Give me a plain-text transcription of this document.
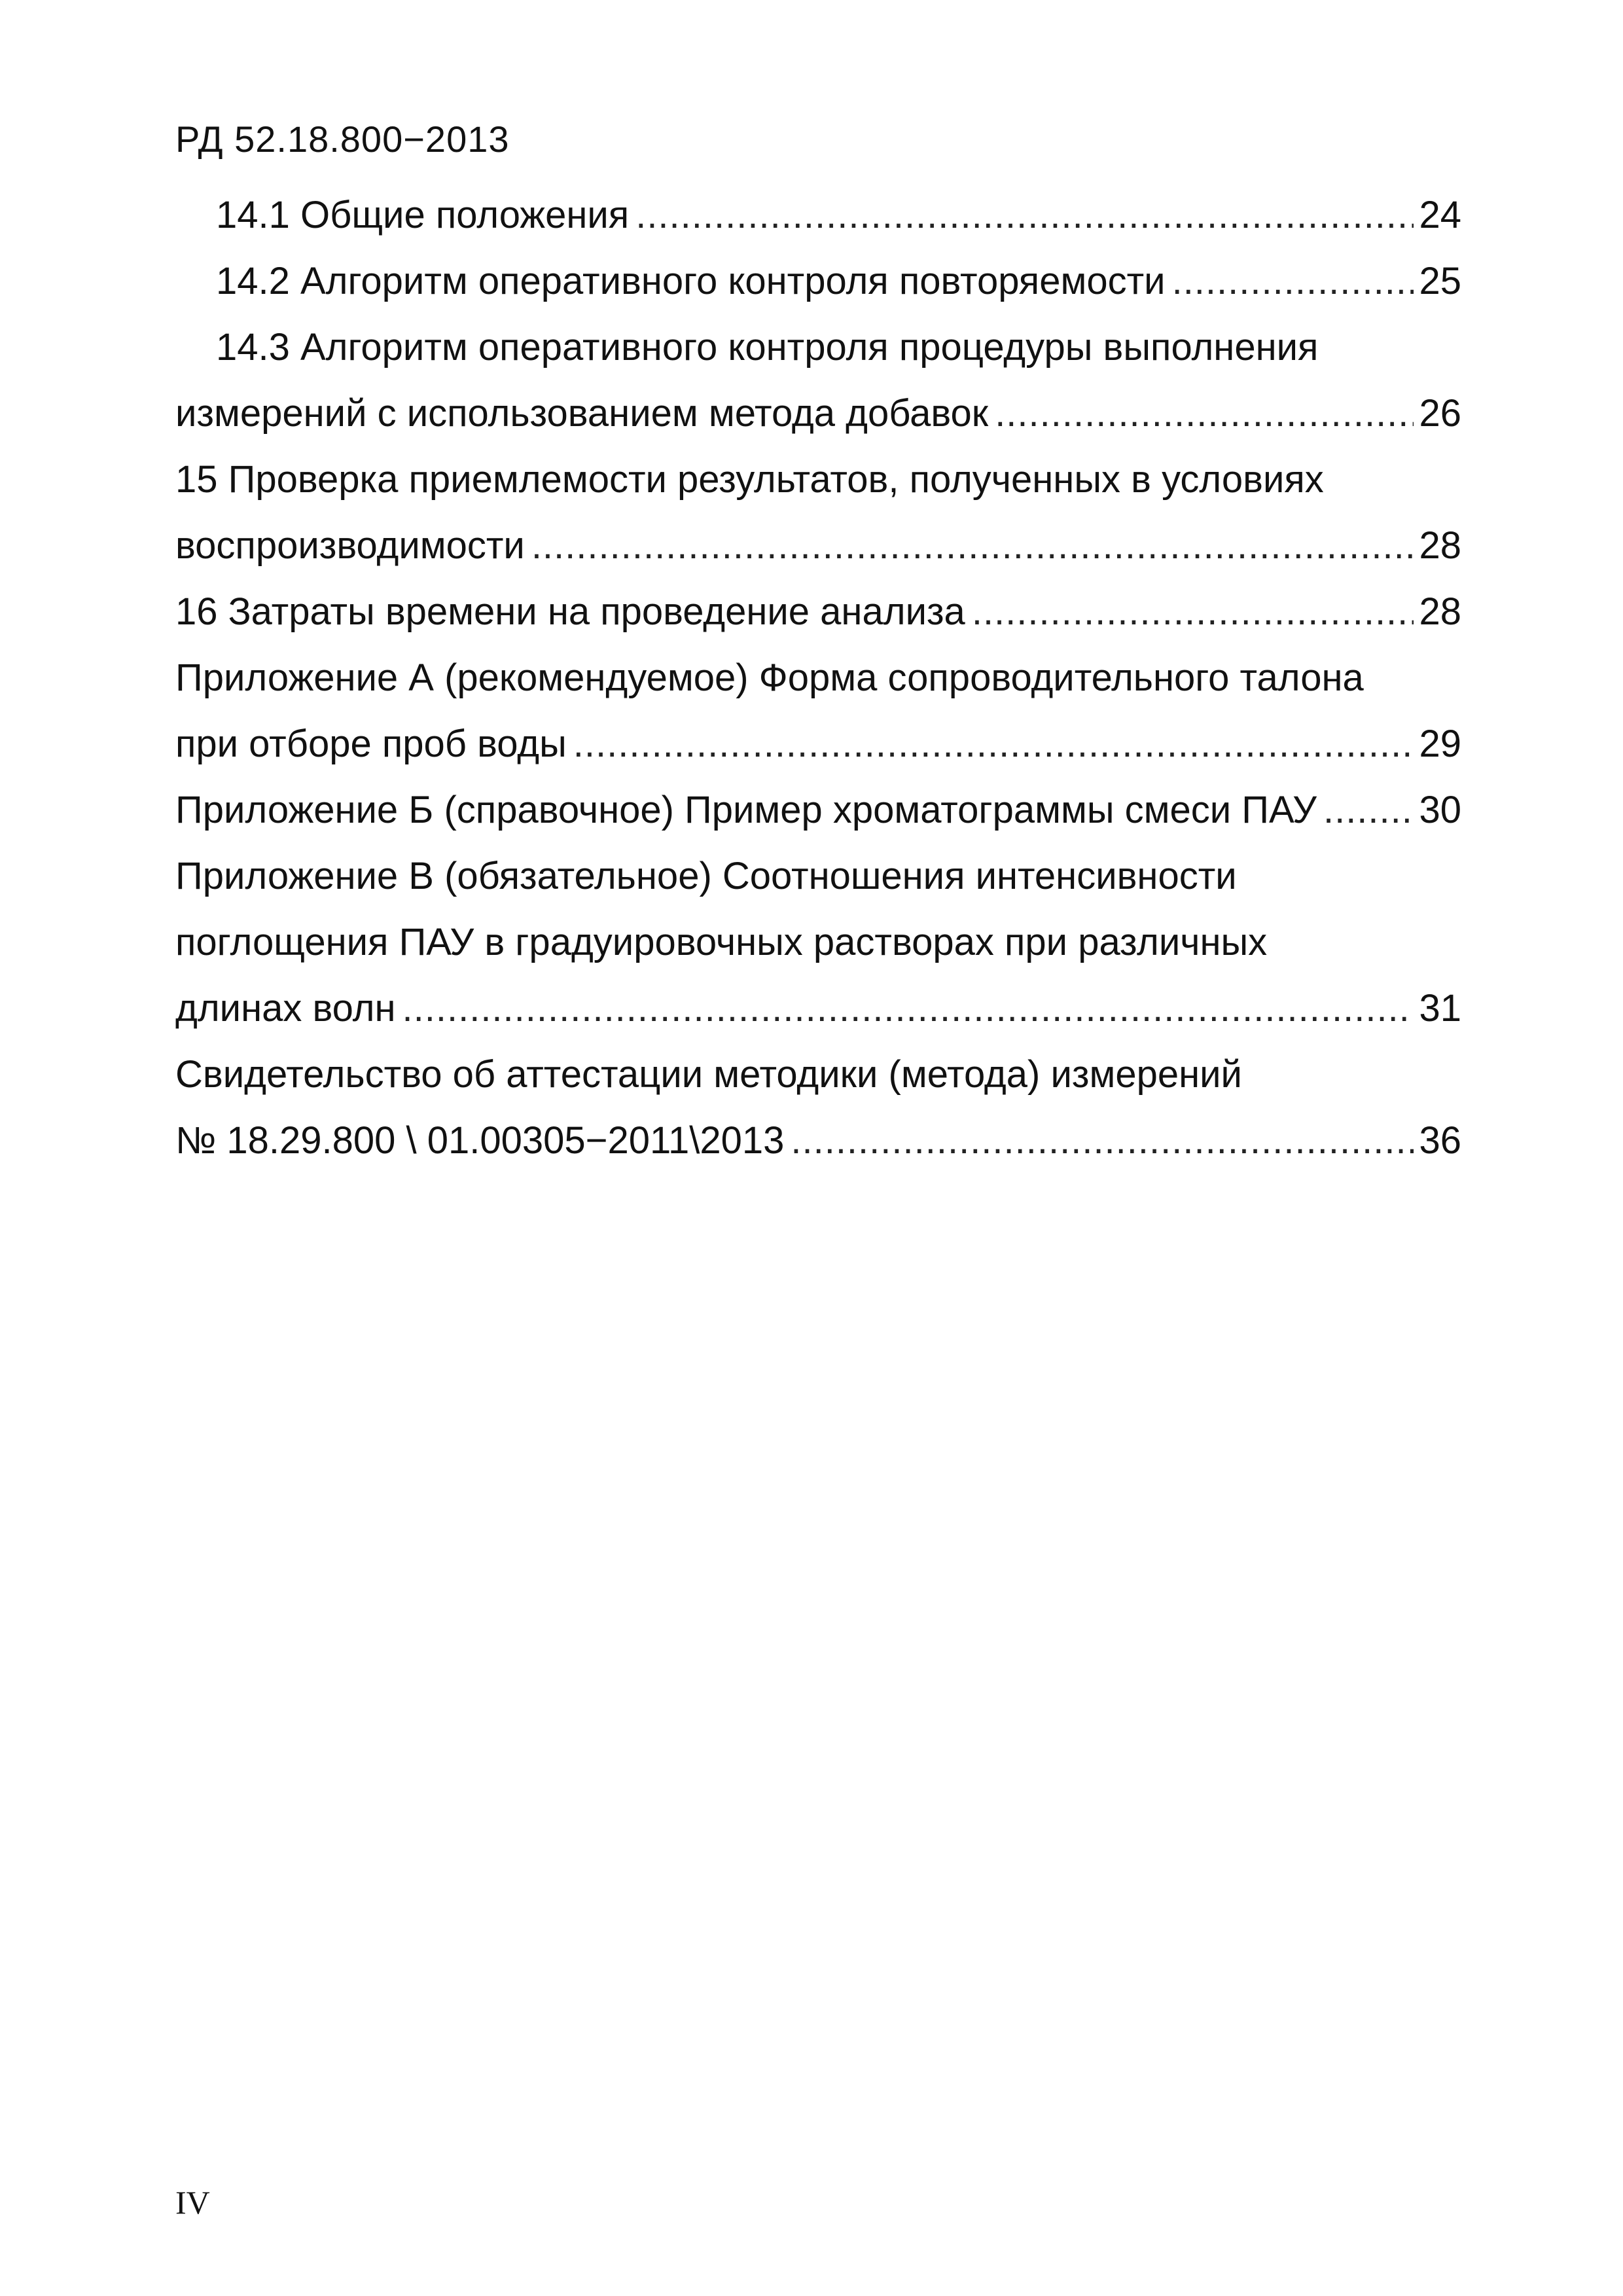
РД 52.18.800−2013
14.1 Общие положения .....	24
14.2 Алгоритм оперативного контроля повторяемости .....	25
14.3 Алгоритм оперативного контроля процедуры выполнения
измерений с использованием метода добавок .....	26
15 Проверка приемлемости результатов, полученных в условиях
воспроизводимости .....	28
16 Затраты времени на проведение анализа .....	28
Приложение А (рекомендуемое) Форма сопроводительного талона
при отборе проб воды .....	29
Приложение Б (справочное) Пример хроматограммы смеси ПАУ .....	30
Приложение В (обязательное) Соотношения интенсивности
поглощения ПАУ в градуировочных растворах при различных
длинах волн .....	31
Свидетельство об аттестации методики (метода) измерений
№ 18.29.800 \ 01.00305−2011\2013 .....	36
IV
